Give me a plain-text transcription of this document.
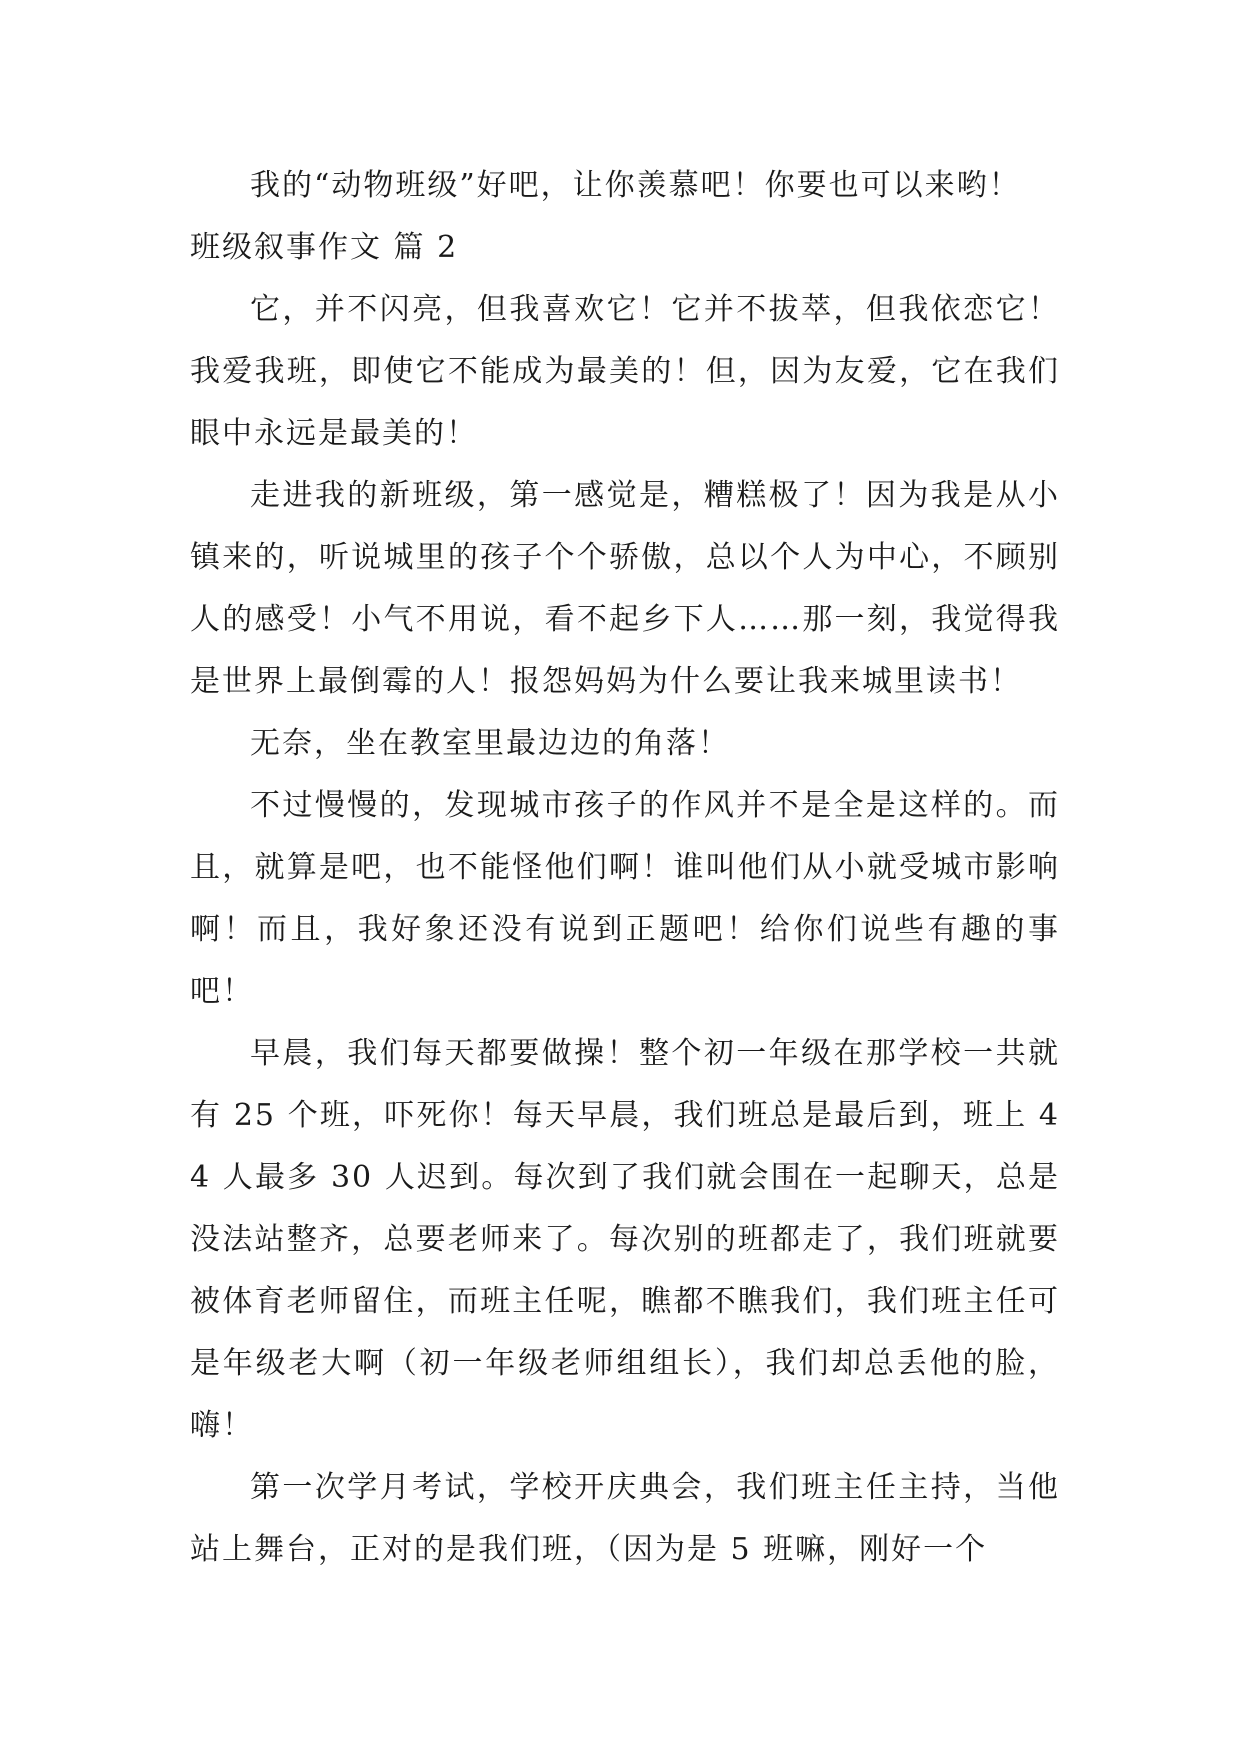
我的“动物班级”好吧，让你羡慕吧！你要也可以来哟！

班级叙事作文 篇 2

它，并不闪亮，但我喜欢它！它并不拔萃，但我依恋它！我爱我班，即使它不能成为最美的！但，因为友爱，它在我们眼中永远是最美的！

走进我的新班级，第一感觉是，糟糕极了！因为我是从小镇来的，听说城里的孩子个个骄傲，总以个人为中心，不顾别人的感受！小气不用说，看不起乡下人……那一刻，我觉得我是世界上最倒霉的人！报怨妈妈为什么要让我来城里读书！

无奈，坐在教室里最边边的角落！

不过慢慢的，发现城市孩子的作风并不是全是这样的。而且，就算是吧，也不能怪他们啊！谁叫他们从小就受城市影响啊！而且，我好象还没有说到正题吧！给你们说些有趣的事吧！

早晨，我们每天都要做操！整个初一年级在那学校一共就有 25 个班，吓死你！每天早晨，我们班总是最后到，班上 44 人最多 30 人迟到。每次到了我们就会围在一起聊天，总是没法站整齐，总要老师来了。每次别的班都走了，我们班就要被体育老师留住，而班主任呢，瞧都不瞧我们，我们班主任可是年级老大啊（初一年级老师组组长），我们却总丢他的脸，嗨！

第一次学月考试，学校开庆典会，我们班主任主持，当他站上舞台，正对的是我们班，（因为是 5 班嘛，刚好一个
